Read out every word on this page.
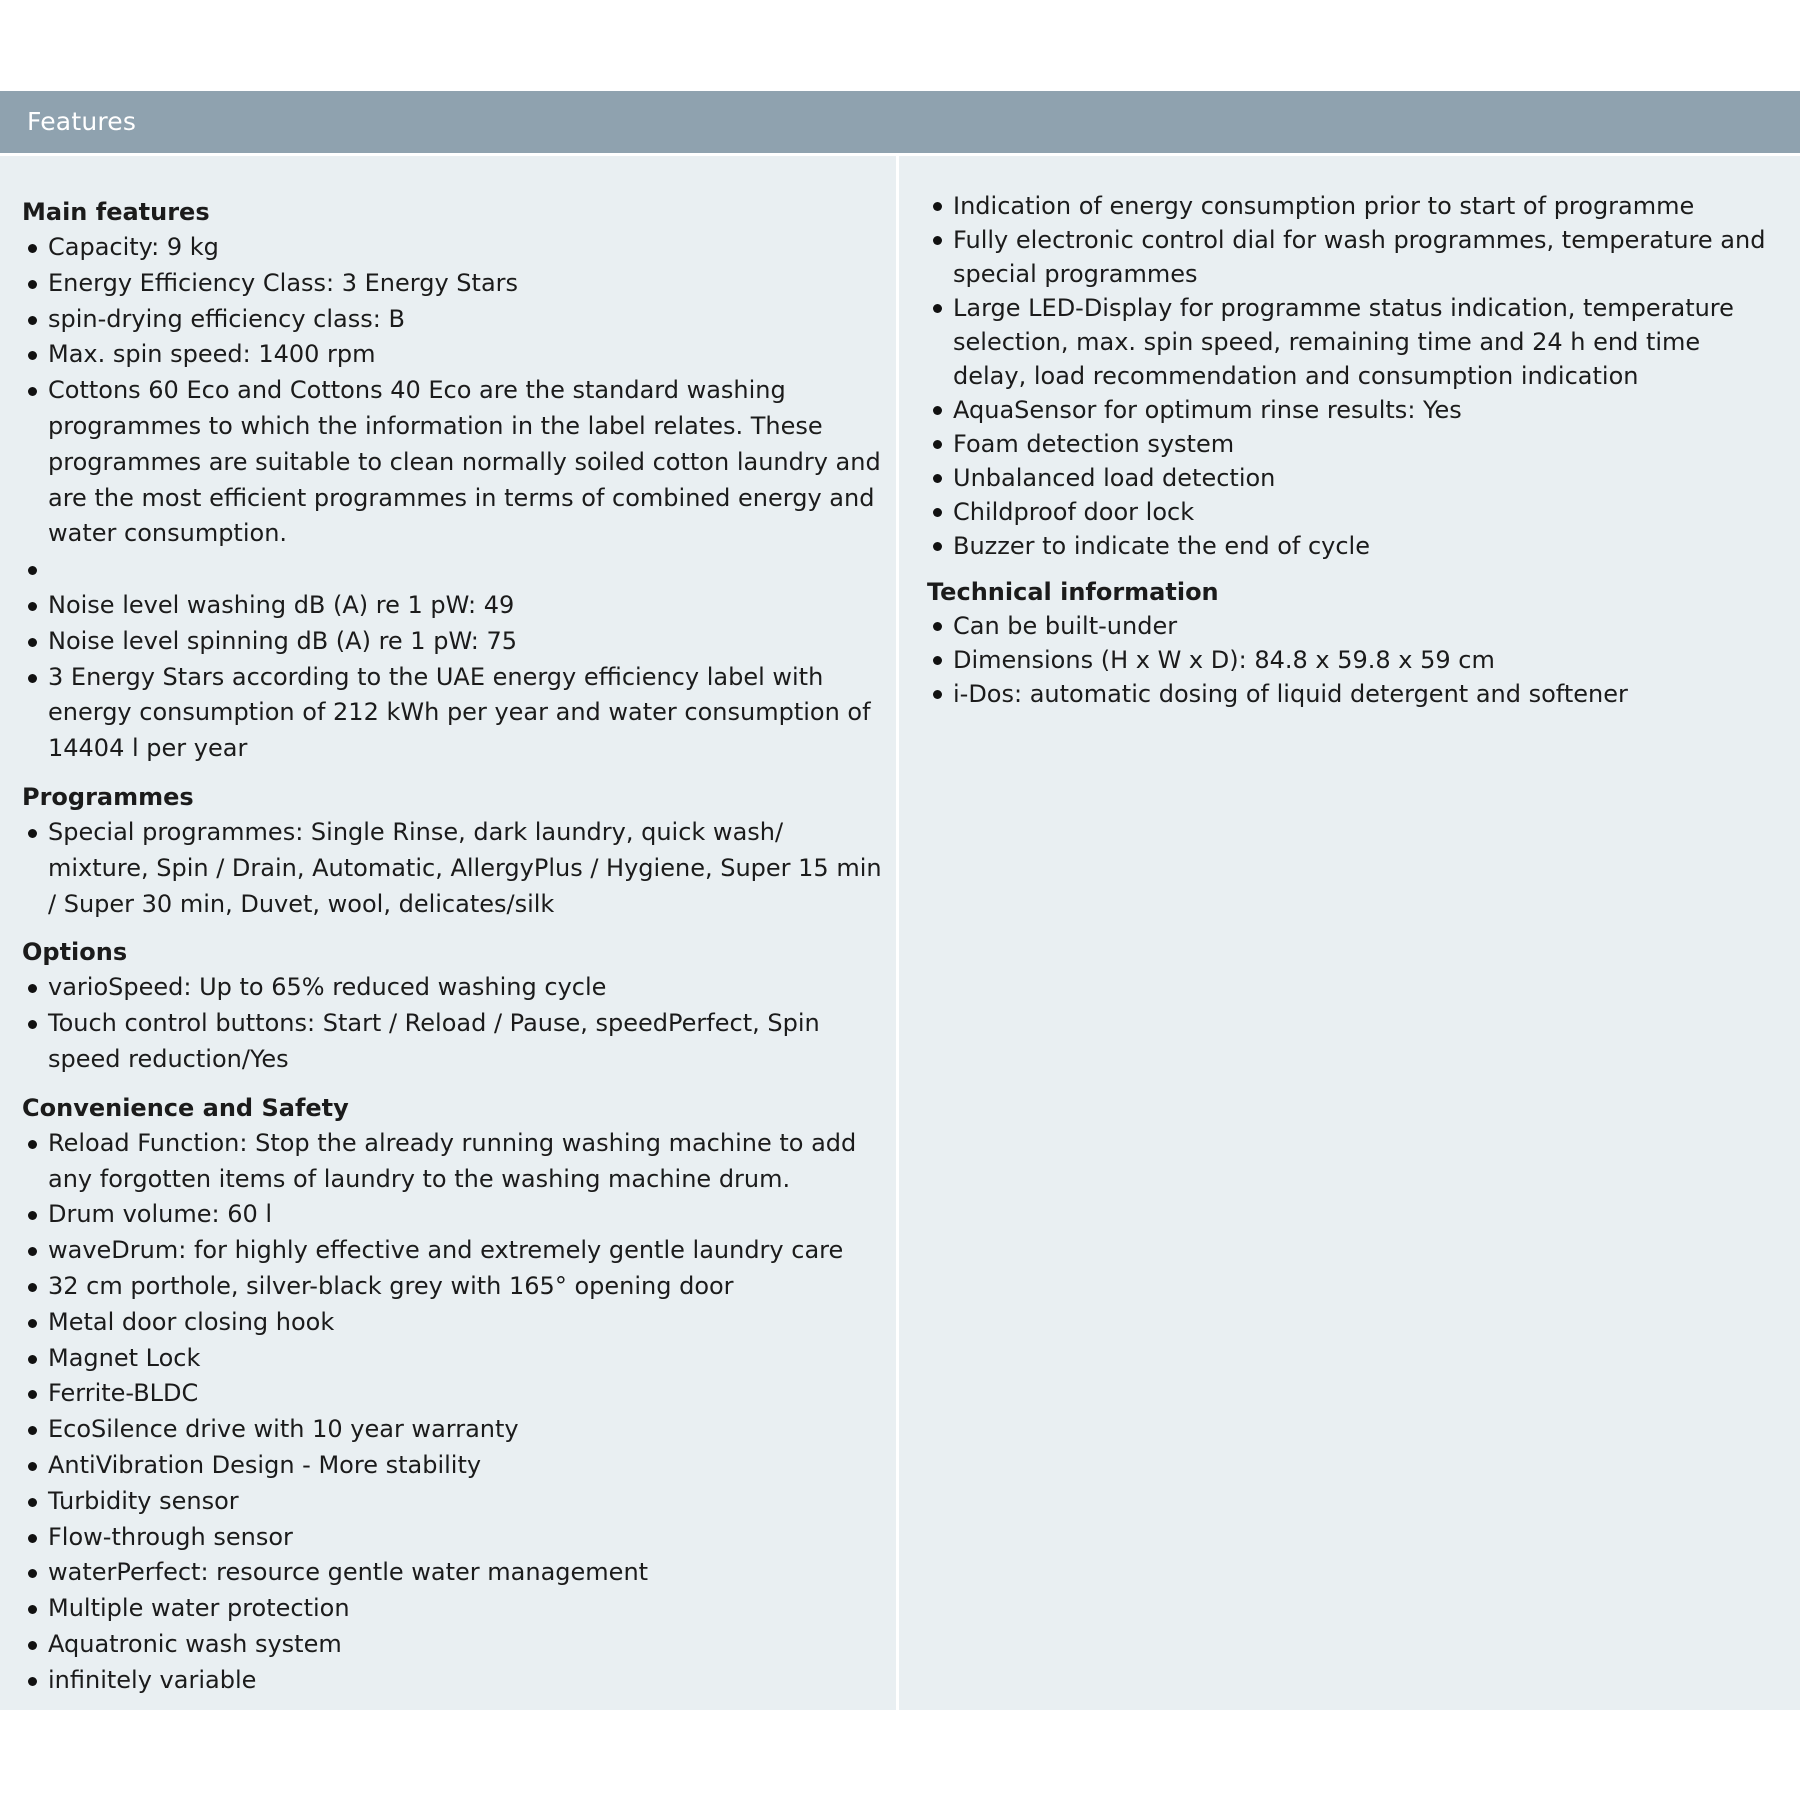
Features
Main features
Capacity: 9 kg
Energy Efficiency Class: 3 Energy Stars
spin-drying efficiency class: B
Max. spin speed: 1400 rpm
Cottons 60 Eco and Cottons 40 Eco are the standard washing programmes to which the information in the label relates. These programmes are suitable to clean normally soiled cotton laundry and are the most efficient programmes in terms of combined energy and water consumption.
Noise level washing dB (A) re 1 pW: 49
Noise level spinning dB (A) re 1 pW: 75
3 Energy Stars according to the UAE energy efficiency label with energy consumption of 212 kWh per year and water consumption of 14404 l per year
Programmes
Special programmes: Single Rinse, dark laundry, quick wash/ mixture, Spin / Drain, Automatic, AllergyPlus / Hygiene, Super 15 min / Super 30 min, Duvet, wool, delicates/silk
Options
varioSpeed: Up to 65% reduced washing cycle
Touch control buttons: Start / Reload / Pause, speedPerfect, Spin speed reduction/Yes
Convenience and Safety
Reload Function: Stop the already running washing machine to add any forgotten items of laundry to the washing machine drum.
Drum volume: 60 l
waveDrum: for highly effective and extremely gentle laundry care
32 cm porthole, silver-black grey with 165° opening door
Metal door closing hook
Magnet Lock
Ferrite-BLDC
EcoSilence drive with 10 year warranty
AntiVibration Design - More stability
Turbidity sensor
Flow-through sensor
waterPerfect: resource gentle water management
Multiple water protection
Aquatronic wash system
infinitely variable
Indication of energy consumption prior to start of programme
Fully electronic control dial for wash programmes, temperature and special programmes
Large LED-Display for programme status indication, temperature selection, max. spin speed, remaining time and 24 h end time delay, load recommendation and consumption indication
AquaSensor for optimum rinse results: Yes
Foam detection system
Unbalanced load detection
Childproof door lock
Buzzer to indicate the end of cycle
Technical information
Can be built-under
Dimensions (H x W x D): 84.8 x 59.8 x 59 cm
i-Dos: automatic dosing of liquid detergent and softener
